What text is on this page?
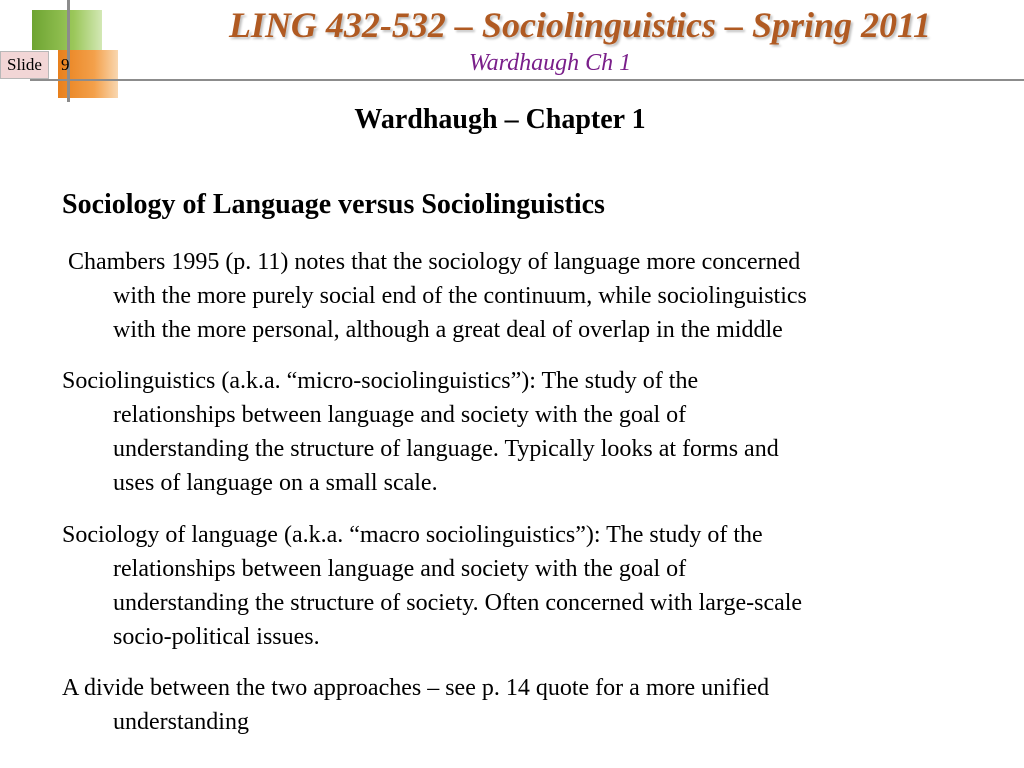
Slide	9
LING 432-532 – Sociolinguistics – Spring 2011
Wardhaugh Ch 1
Wardhaugh – Chapter 1
Sociology of Language versus Sociolinguistics
Chambers 1995 (p. 11) notes that the sociology of language more concerned
with the more purely social end of the continuum, while sociolinguistics
with the more personal, although a great deal of overlap in the middle
Sociolinguistics (a.k.a. “micro-sociolinguistics”): The study of the
relationships between language and society with the goal of
understanding the structure of language. Typically looks at forms and
uses of language on a small scale.
Sociology of language (a.k.a. “macro sociolinguistics”): The study of the
relationships between language and society with the goal of
understanding the structure of society. Often concerned with large-scale
socio-political issues.
A divide between the two approaches – see p. 14 quote for a more unified
understanding
